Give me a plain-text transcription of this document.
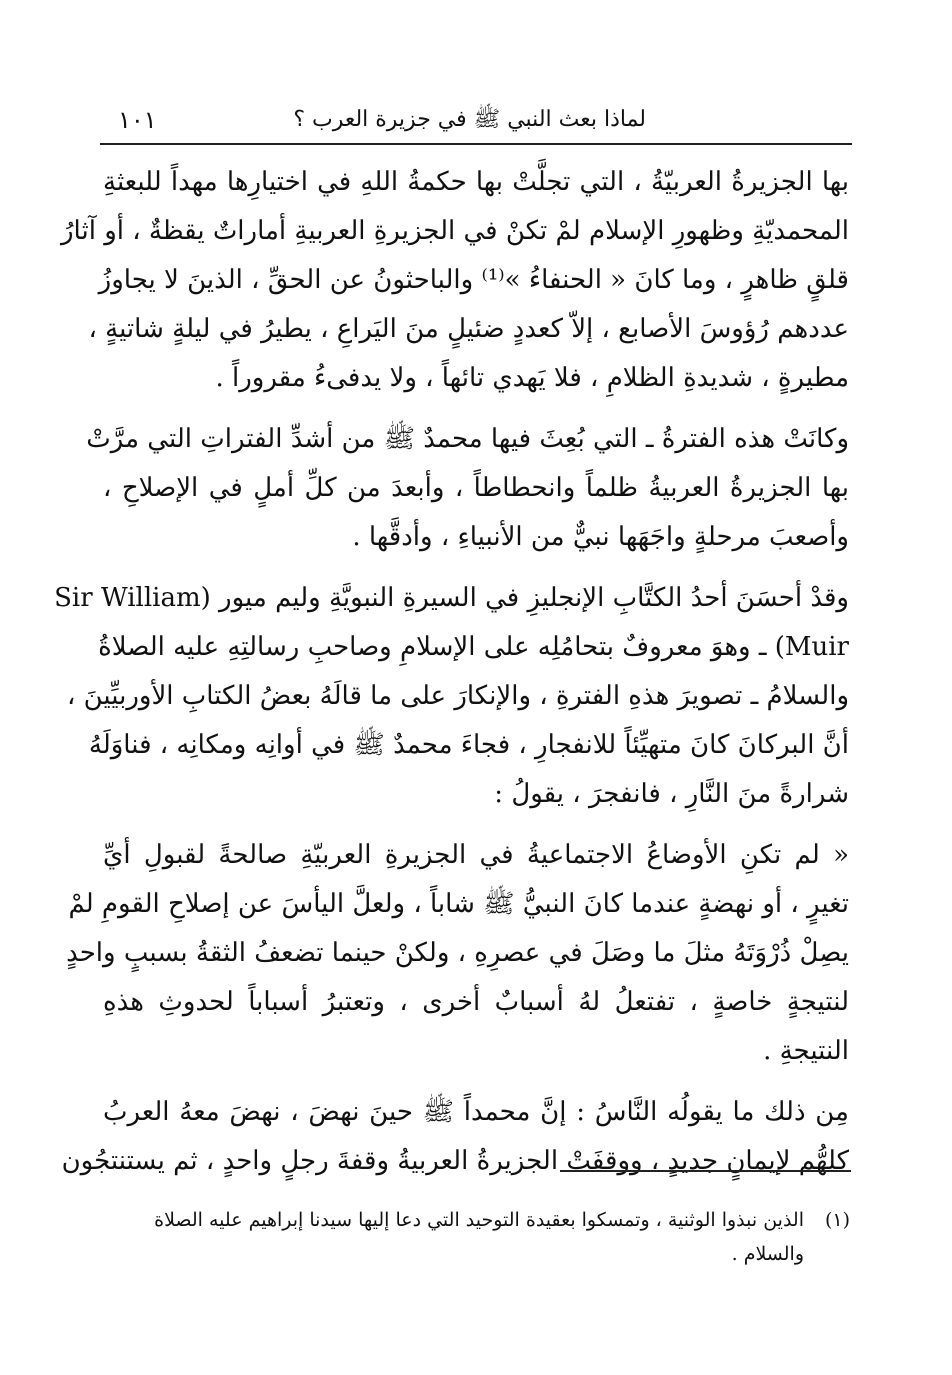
لماذا بعث النبي ﷺ في جزيرة العرب ؟
١٠١
بها الجزيرةُ العربيّةُ ، التي تجلَّتْ بها حكمةُ اللهِ في اختيارِها مهداً للبعثةِ
المحمديّةِ وظهورِ الإسلام لمْ تكنْ في الجزيرةِ العربيةِ أماراتٌ يقظةٌ ، أو آثارُ
قلقٍ ظاهرٍ ، وما كانَ « الحنفاءُ »⁽¹⁾ والباحثونُ عن الحقِّ ، الذينَ لا يجاوزُ
عددهم رُؤوسَ الأصابع ، إلاّ كعددٍ ضئيلٍ منَ اليَراعِ ، يطيرُ في ليلةٍ شاتيةٍ ،
مطيرةٍ ، شديدةِ الظلامِ ، فلا يَهدي تائهاً ، ولا يدفىءُ مقروراً .
وكانَتْ هذه الفترةُ ـ التي بُعِثَ فيها محمدٌ ﷺ من أشدِّ الفتراتِ التي مرَّتْ
بها الجزيرةُ العربيةُ ظلماً وانحطاطاً ، وأبعدَ من كلِّ أملٍ في الإصلاحِ ،
وأصعبَ مرحلةٍ واجَهَها نبيٌّ من الأنبياءِ ، وأدقَّها .
وقدْ أحسَنَ أحدُ الكتَّابِ الإنجليزِ في السيرةِ النبويَّةِ وليم ميور (Sir William
Muir) ـ وهوَ معروفٌ بتحامُلِه على الإسلامِ وصاحبِ رسالتِهِ عليه الصلاةُ
والسلامُ ـ تصويرَ هذهِ الفترةِ ، والإنكارَ على ما قالَهُ بعضُ الكتابِ الأوربيِّينَ ،
أنَّ البركانَ كانَ متهيِّئاً للانفجارِ ، فجاءَ محمدٌ ﷺ في أوانِه ومكانِه ، فناوَلَهُ
شرارةً منَ النَّارِ ، فانفجرَ ، يقولُ :
« لم تكنِ الأوضاعُ الاجتماعيةُ في الجزيرةِ العربيّةِ صالحةً لقبولِ أيِّ
تغيرٍ ، أو نهضةٍ عندما كانَ النبيُّ ﷺ شاباً ، ولعلَّ اليأسَ عن إصلاحِ القومِ لمْ
يصِلْ ذُرْوَتَهُ مثلَ ما وصَلَ في عصرِهِ ، ولكنْ حينما تضعفُ الثقةُ بسببٍ واحدٍ
لنتيجةٍ خاصةٍ ، تفتعلُ لهُ أسبابٌ أخرى ، وتعتبرُ أسباباً لحدوثِ هذهِ
النتيجةِ .
مِن ذلك ما يقولُه النَّاسُ : إنَّ محمداً ﷺ حينَ نهضَ ، نهضَ معهُ العربُ
كلهُّم لإيمانٍ جديدٍ ، ووقفَتْ الجزيرةُ العربيةُ وقفةَ رجلٍ واحدٍ ، ثم يستنتجُون
(١)الذين نبذوا الوثنية ، وتمسكوا بعقيدة التوحيد التي دعا إليها سيدنا إبراهيم عليه الصلاة
والسلام .
